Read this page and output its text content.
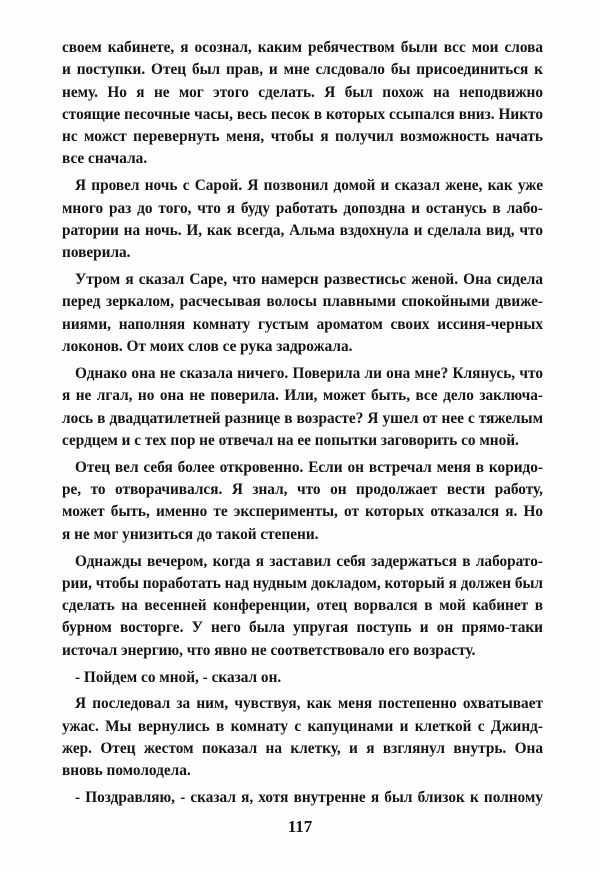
своем кабинете, я осознал, каким ребячеством были всс мои слова
и поступки. Отец был прав, и мне слсдовало бы присоединиться к
нему. Но я не мог этого сделать. Я был похож на неподвижно
стоящие песочные часы, весь песок в которых ссыпался вниз. Никто
нс можст перевернуть меня, чтобы я получил возможность начать
все сначала.
Я провел ночь с Сарой. Я позвонил домой и сказал жене, как уже
много раз до того, что я буду работать допоздна и останусь в лабо-
ратории на ночь. И, как всегда, Альма вздохнула и сделала вид, что
поверила.
Утром я сказал Саре, что намерсн развестисьс женой. Она сидела
пeред зеркалом, расчесывая волосы плавными спокойными движе-
ниями, наполняя комнату густым ароматом своих иссиня-черных
локонов. От моих слов се рука задрожала.
Однако она не сказала ничего. Поверила ли она мне? Клянусь, что
я не лгал, но она не поверила. Или, может быть, все дело заключа-
лось в двадцатилетней разнице в возрасте? Я ушел от нее с тяжелым
сердцем и с тех пор не отвечал на ее попытки заговорить со мной.
Отец вел себя более откровенно. Если он встречал меня в коридо-
ре, то отворачивался. Я знал, что он продолжает вести работу,
может быть, именно те эксперименты, от которых отказался я. Но
я не мог унизиться до такой степени.
Однажды вечером, когда я заставил себя задержаться в лаборато-
рии, чтобы поработать над нудным докладом, который я должен был
сделать на весенней конференции, отец ворвался в мой кабинет в
бурном восторге. У него была упругая поступь и он прямо-таки
источал энергию, что явно не соответствовало его возрасту.
- Пойдем со мной, - сказал он.
Я последовал за ним, чувствуя, как меня постепенно охватывает
ужас. Мы вернулись в комнату с капуцинами и клеткой с Джинд-
жер. Отец жестом показал на клетку, и я взглянул внутрь. Она
вновь помолодела.
- Поздравляю, - сказал я, хотя внутренне я был близок к полному
117
